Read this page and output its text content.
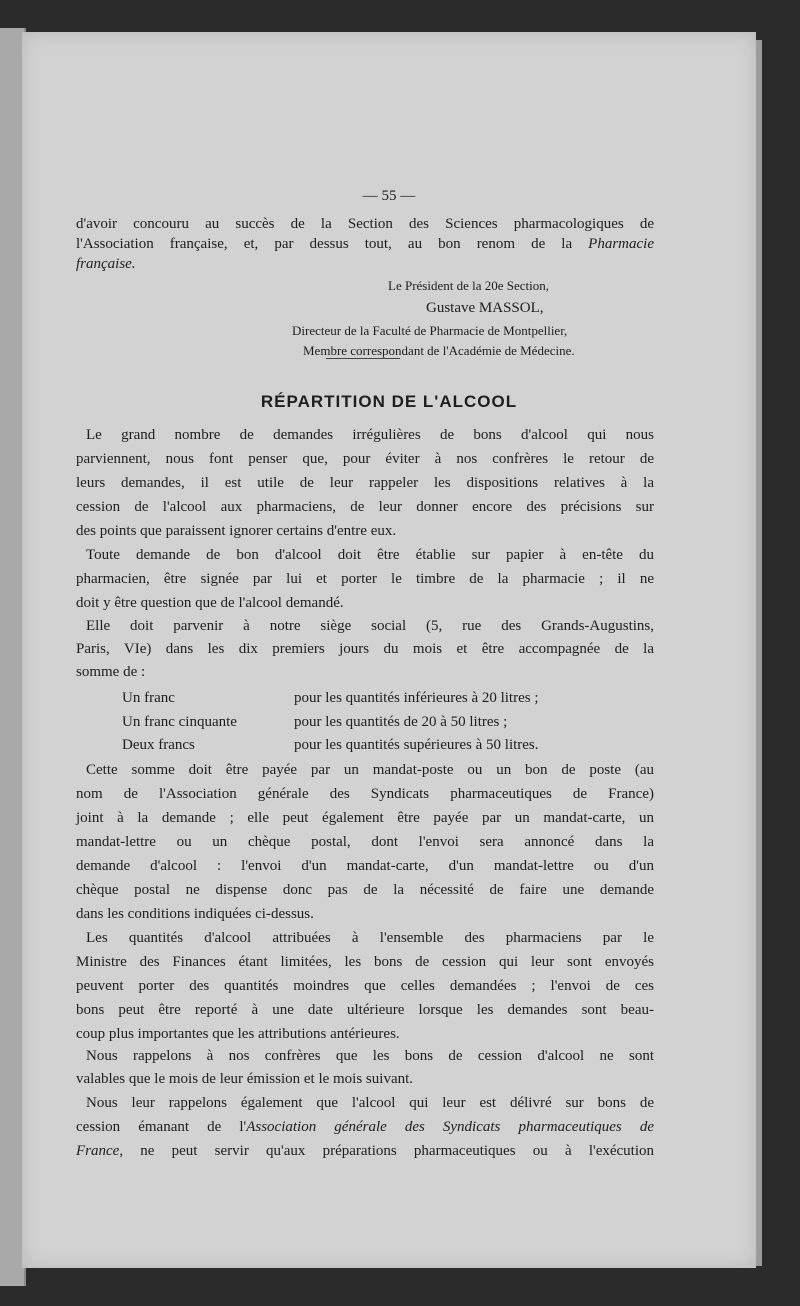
— 55 —
d'avoir concouru au succès de la Section des Sciences pharmacologiques de
l'Association française, et, par dessus tout, au bon renom de la Pharmacie
française.
Le Président de la 20e Section,
Gustave MASSOL,
Directeur de la Faculté de Pharmacie de Montpellier,
Membre correspondant de l'Académie de Médecine.
RÉPARTITION DE L'ALCOOL
Le grand nombre de demandes irrégulières de bons d'alcool qui nous
parviennent, nous font penser que, pour éviter à nos confrères le retour de
leurs demandes, il est utile de leur rappeler les dispositions relatives à la
cession de l'alcool aux pharmaciens, de leur donner encore des précisions sur
des points que paraissent ignorer certains d'entre eux.
Toute demande de bon d'alcool doit être établie sur papier à en-tête du
pharmacien, être signée par lui et porter le timbre de la pharmacie ; il ne
doit y être question que de l'alcool demandé.
Elle doit parvenir à notre siège social (5, rue des Grands-Augustins,
Paris, VIe) dans les dix premiers jours du mois et être accompagnée de la
somme de :
Un franc	pour les quantités inférieures à 20 litres ;
Un franc cinquante	pour les quantités de 20 à 50 litres ;
Deux francs	pour les quantités supérieures à 50 litres.
Cette somme doit être payée par un mandat-poste ou un bon de poste (au
nom de l'Association générale des Syndicats pharmaceutiques de France)
joint à la demande ; elle peut également être payée par un mandat-carte, un
mandat-lettre ou un chèque postal, dont l'envoi sera annoncé dans la
demande d'alcool : l'envoi d'un mandat-carte, d'un mandat-lettre ou d'un
chèque postal ne dispense donc pas de la nécessité de faire une demande
dans les conditions indiquées ci-dessus.
Les quantités d'alcool attribuées à l'ensemble des pharmaciens par le
Ministre des Finances étant limitées, les bons de cession qui leur sont envoyés
peuvent porter des quantités moindres que celles demandées ; l'envoi de ces
bons peut être reporté à une date ultérieure lorsque les demandes sont beau-
coup plus importantes que les attributions antérieures.
Nous rappelons à nos confrères que les bons de cession d'alcool ne sont
valables que le mois de leur émission et le mois suivant.
Nous leur rappelons également que l'alcool qui leur est délivré sur bons de
cession émanant de l'Association générale des Syndicats pharmaceutiques de
France, ne peut servir qu'aux préparations pharmaceutiques ou à l'exécution
